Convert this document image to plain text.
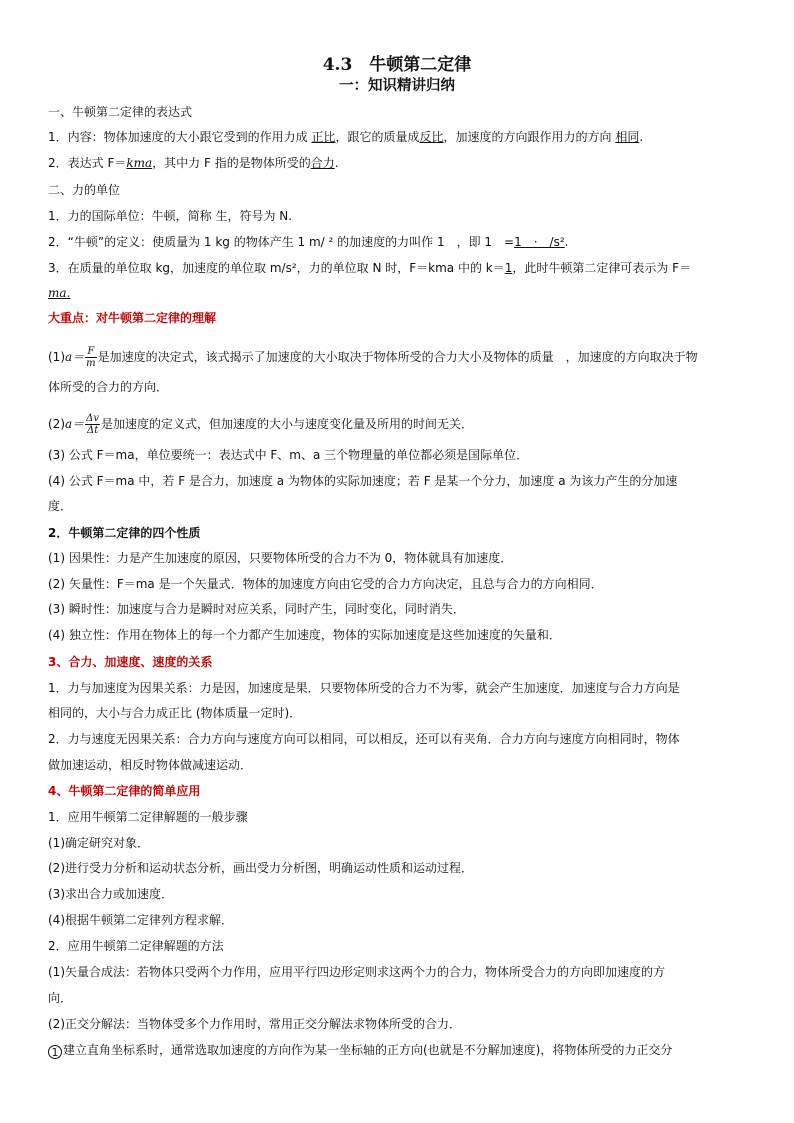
4.3　牛顿第二定律
一：知识精讲归纳
一、牛顿第二定律的表达式
1．内容：物体加速度的大小跟它受到的作用力成 正比，跟它的质量成反比，加速度的方向跟作用力的方向 相同.
2．表达式 F＝kma，其中力 F 指的是物体所受的合力.
二、力的单位
1．力的国际单位：牛顿，简称 生，符号为 N.
2．“牛顿”的定义：使质量为 1 kg 的物体产生 1 m/ ² 的加速度的力叫作 1　，即 1　=1　·　/s².
3．在质量的单位取 kg，加速度的单位取 m/s²，力的单位取 N 时，F＝kma 中的 k＝1，此时牛顿第二定律可表示为 F＝
ma.
大重点：对牛顿第二定律的理解
$(1)a= \frac{F}{m}$ 是加速度的决定式，该式揭示了加速度的大小取决于物体所受的合力大小及物体的质量　，加速度的方向取决于物
体所受的合力的方向．
$(2)a= \frac{\Delta v}{\Delta t}$ 是加速度的定义式，但加速度的大小与速度变化量及所用的时间无关．
(3) 公式 F＝ma，单位要统一：表达式中 F、m、a 三个物理量的单位都必须是国际单位．
(4) 公式 F＝ma 中，若 F 是合力，加速度 a 为物体的实际加速度；若 F 是某一个分力，加速度 a 为该力产生的分加速
度．
2．牛顿第二定律的四个性质
(1) 因果性：力是产生加速度的原因，只要物体所受的合力不为 0，物体就具有加速度．
(2) 矢量性：F＝ma 是一个矢量式．物体的加速度方向由它受的合力方向决定，且总与合力的方向相同．
(3) 瞬时性：加速度与合力是瞬时对应关系，同时产生，同时变化，同时消失．
(4) 独立性：作用在物体上的每一个力都产生加速度，物体的实际加速度是这些加速度的矢量和．
3、合力、加速度、速度的关系
1．力与加速度为因果关系：力是因，加速度是果．只要物体所受的合力不为零，就会产生加速度．加速度与合力方向是
相同的，大小与合力成正比 (物体质量一定时)．
2．力与速度无因果关系：合力方向与速度方向可以相同，可以相反，还可以有夹角．合力方向与速度方向相同时，物体
做加速运动，相反时物体做减速运动．
4、牛顿第二定律的简单应用
1．应用牛顿第二定律解题的一般步骤
(1)确定研究对象．
(2)进行受力分析和运动状态分析，画出受力分析图，明确运动性质和运动过程．
(3)求出合力或加速度．
(4)根据牛顿第二定律列方程求解．
2．应用牛顿第二定律解题的方法
(1)矢量合成法：若物体只受两个力作用，应用平行四边形定则求这两个力的合力，物体所受合力的方向即加速度的方
向．
(2)正交分解法：当物体受多个力作用时，常用正交分解法求物体所受的合力．
1 建立直角坐标系时，通常选取加速度的方向作为某一坐标轴的正方向(也就是不分解加速度)，将物体所受的力正交分
